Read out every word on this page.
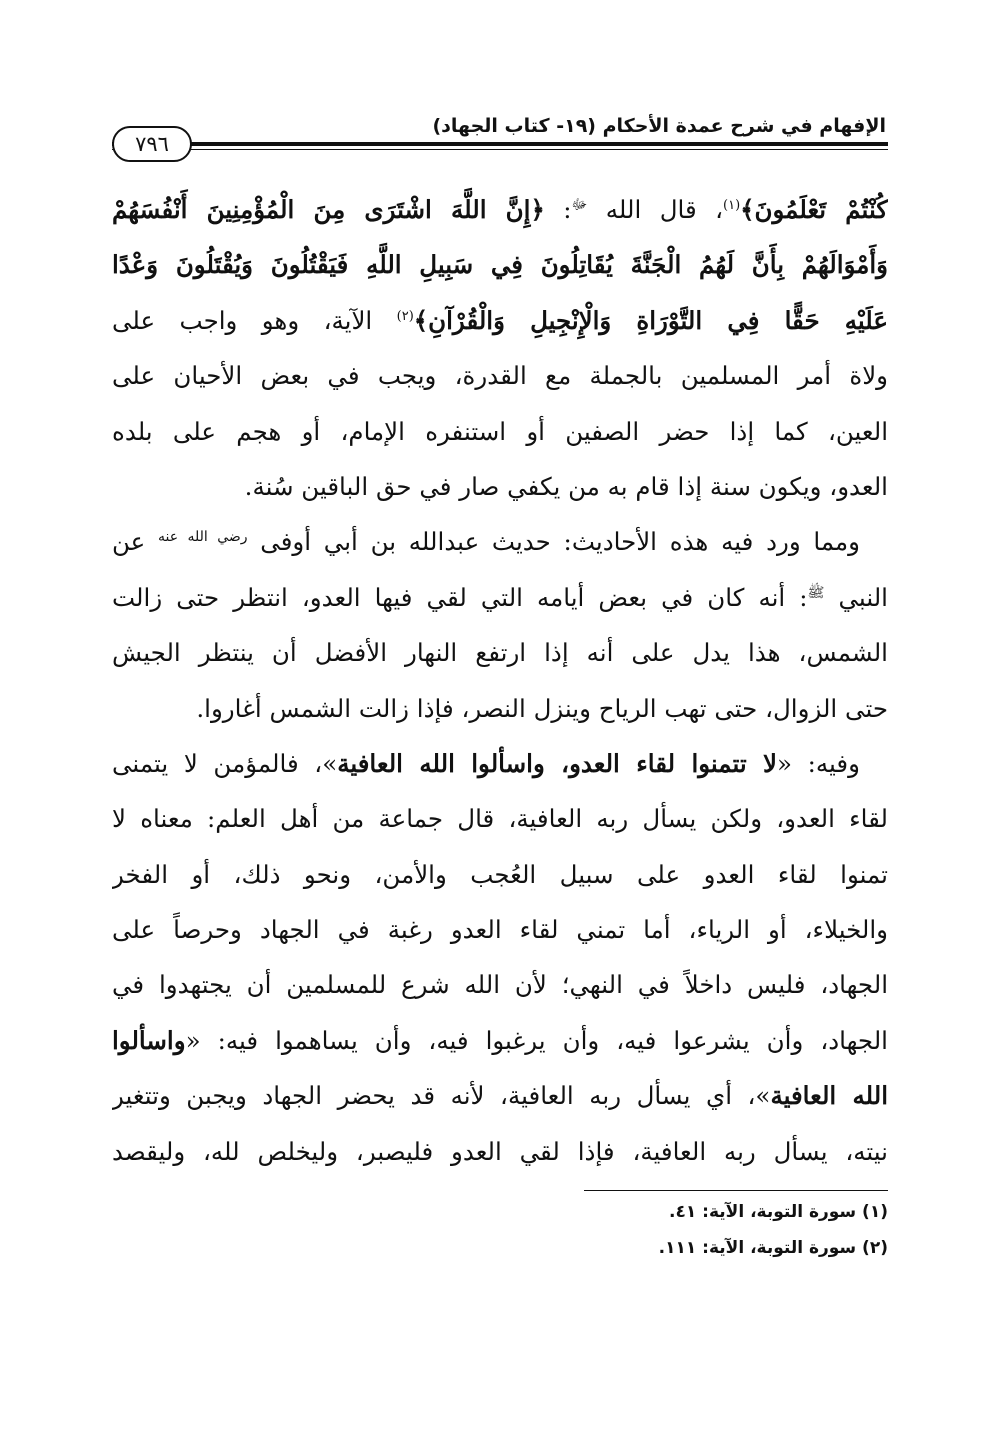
الإفهام في شرح عمدة الأحكام (١٩- كتاب الجهاد)
٧٩٦
كُنْتُمْ تَعْلَمُونَ﴾$^{(١)}$، قال الله $^ﷻ$: ﴿إِنَّ اللَّهَ اشْتَرَى مِنَ الْمُؤْمِنِينَ أَنْفُسَهُمْ
وَأَمْوَالَهُمْ بِأَنَّ لَهُمُ الْجَنَّةَ يُقَاتِلُونَ فِي سَبِيلِ اللَّهِ فَيَقْتُلُونَ وَيُقْتَلُونَ وَعْدًا
عَلَيْهِ حَقًّا فِي التَّوْرَاةِ وَالْإِنْجِيلِ وَالْقُرْآنِ﴾$^{(٢)}$ الآية، وهو واجب على
ولاة أمر المسلمين بالجملة مع القدرة، ويجب في بعض الأحيان على
العين، كما إذا حضر الصفين أو استنفره الإمام، أو هجم على بلده
العدو، ويكون سنة إذا قام به من يكفي صار في حق الباقين سُنة.
ومما ورد فيه هذه الأحاديث: حديث عبدالله بن أبي أوفى $^{رضي الله عنه}$ عن
النبي $^ﷺ$: أنه كان في بعض أيامه التي لقي فيها العدو، انتظر حتى زالت
الشمس، هذا يدل على أنه إذا ارتفع النهار الأفضل أن ينتظر الجيش
حتى الزوال، حتى تهب الرياح وينزل النصر، فإذا زالت الشمس أغاروا.
وفيه: «لا تتمنوا لقاء العدو، واسألوا الله العافية»، فالمؤمن لا يتمنى
لقاء العدو، ولكن يسأل ربه العافية، قال جماعة من أهل العلم: معناه لا
تمنوا لقاء العدو على سبيل العُجب والأمن، ونحو ذلك، أو الفخر
والخيلاء، أو الرياء، أما تمني لقاء العدو رغبة في الجهاد وحرصاً على
الجهاد، فليس داخلاً في النهي؛ لأن الله شرع للمسلمين أن يجتهدوا في
الجهاد، وأن يشرعوا فيه، وأن يرغبوا فيه، وأن يساهموا فيه: «واسألوا
الله العافية»، أي يسأل ربه العافية، لأنه قد يحضر الجهاد ويجبن وتتغير
نيته، يسأل ربه العافية، فإذا لقي العدو فليصبر، وليخلص لله، وليقصد
(١) سورة التوبة، الآية: ٤١.
(٢) سورة التوبة، الآية: ١١١.
